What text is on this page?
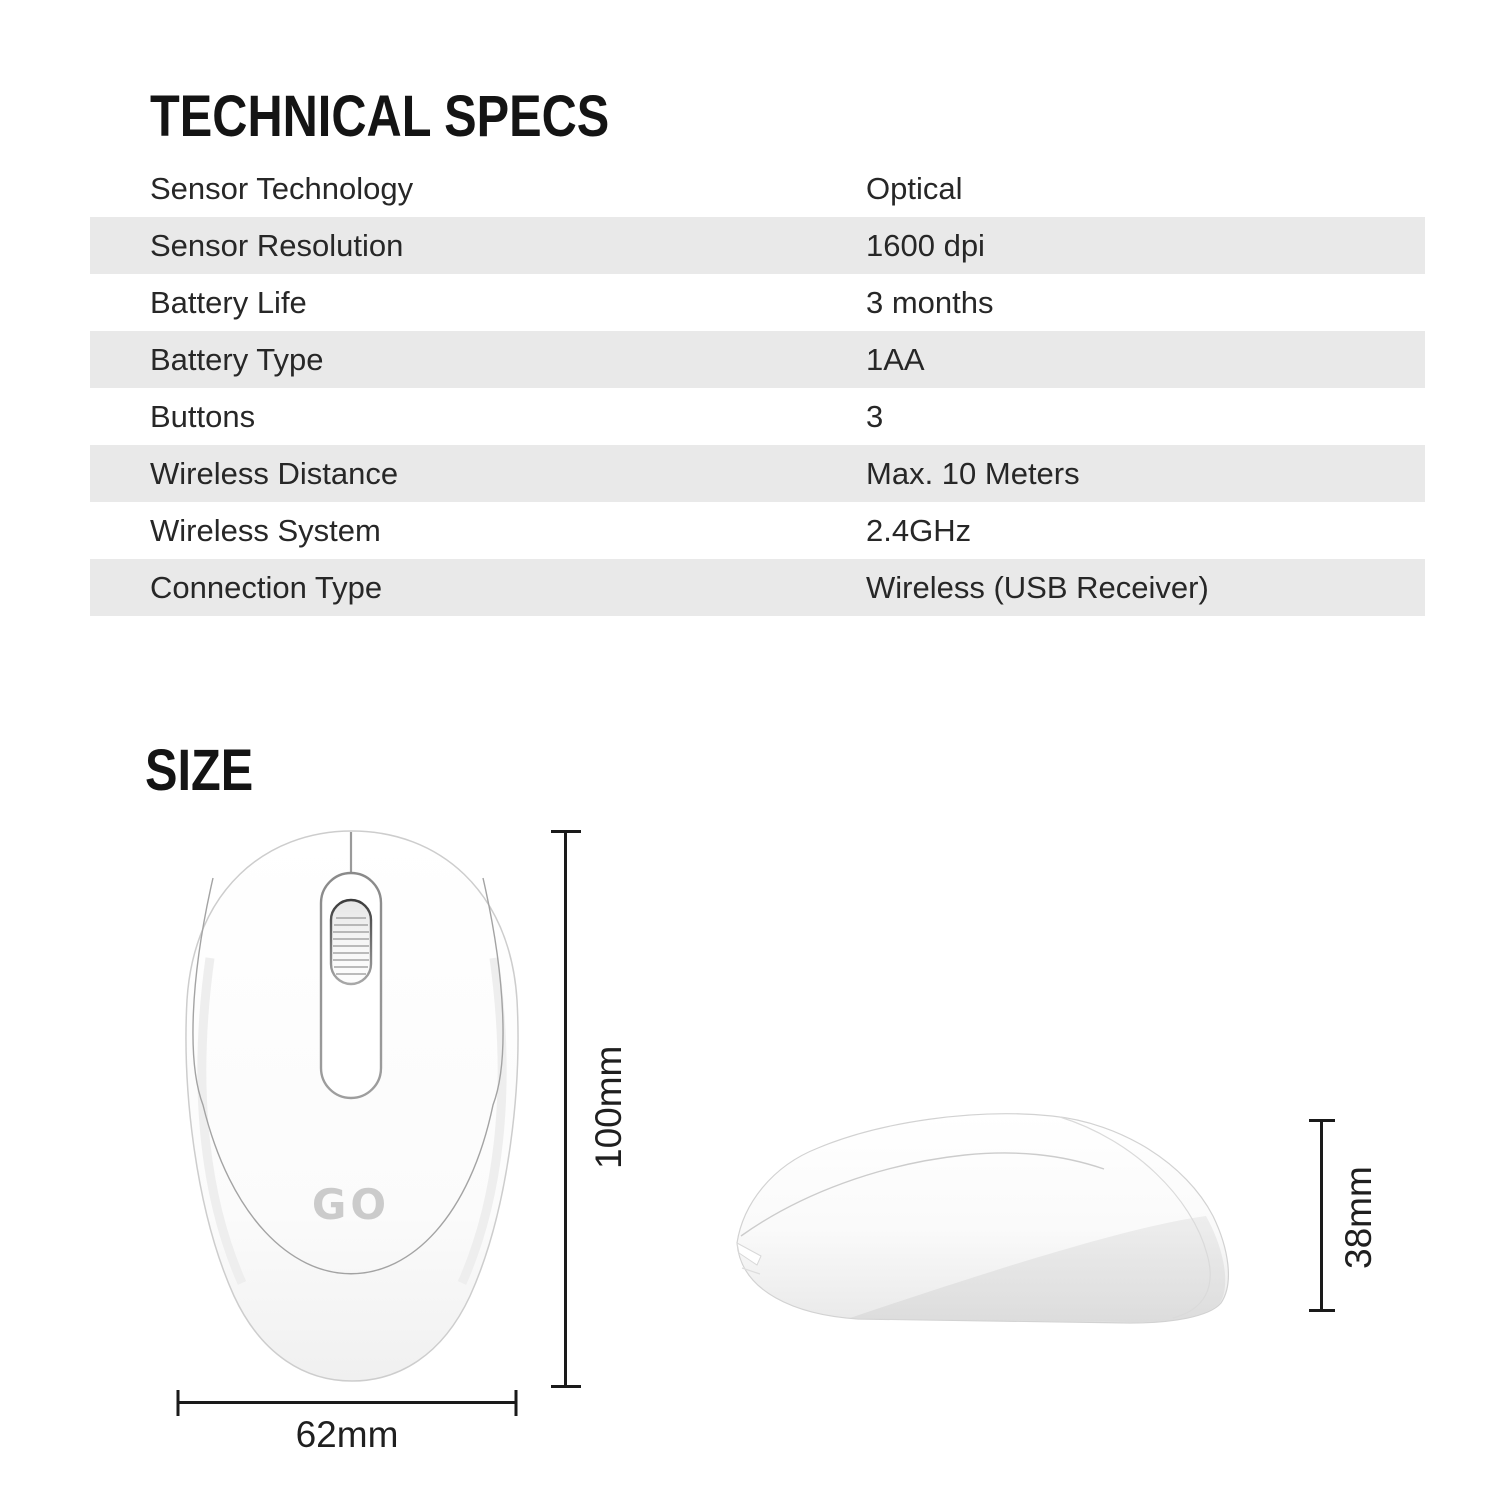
TECHNICAL SPECS
Sensor Technology	Optical
Sensor Resolution	1600 dpi
Battery Life	3 months
Battery Type	1AA
Buttons	3
Wireless Distance	Max. 10 Meters
Wireless System	2.4GHz
Connection Type	Wireless (USB Receiver)
SIZE
GO
100mm
62mm
38mm
